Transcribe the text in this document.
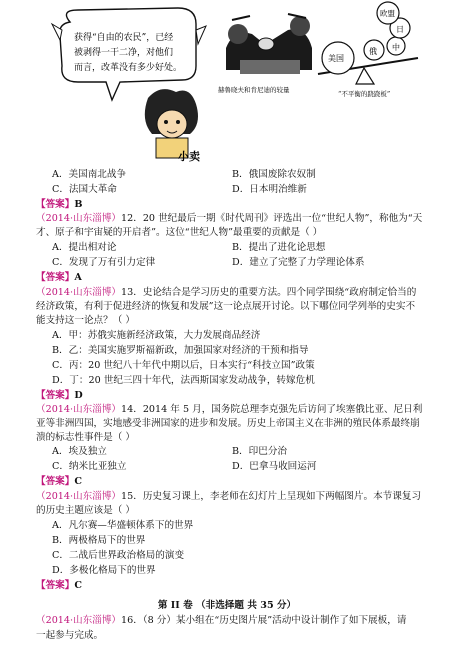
获得“自由的农民”，已经
被剥得一干二净，对他们
而言，改革没有多少好处。
小卖
赫鲁晓夫和肯尼迪的较量
美国
俄 中
日
欧盟
“不平衡的跷跷板”
A．美国南北战争	B．俄国废除农奴制
C．法国大革命	D．日本明治维新
【答案】B
（2014·山东淄博）12．20 世纪最后一期《时代周刊》评选出一位“世纪人物”，称他为“天
才、原子和宇宙疑的开启者”。这位“世纪人物”最重要的贡献是（ ）
A．提出相对论	B．提出了进化论思想
C．发现了万有引力定律	D．建立了完整了力学理论体系
【答案】A
（2014·山东淄博）13．史论结合是学习历史的重要方法。四个同学围绕“政府制定恰当的
经济政策，有利于促进经济的恢复和发展”这一论点展开讨论。以下哪位同学列举的史实不
能支持这一论点？（ ）
A．甲：苏俄实施新经济政策，大力发展商品经济
B．乙：美国实施罗斯福新政，加强国家对经济的干预和指导
C．丙：20 世纪八十年代中期以后，日本实行“科技立国”政策
D．丁：20 世纪三四十年代，法西斯国家发动战争，转嫁危机
【答案】D
（2014·山东淄博）14．2014 年 5 月，国务院总理李克强先后访问了埃塞俄比亚、尼日利
亚等非洲四国，实地感受非洲国家的进步和发展。历史上帝国主义在非洲的殖民体系最终崩
溃的标志性事件是（ ）
A．埃及独立	B．印巴分治
C．纳米比亚独立	D．巴拿马收回运河
【答案】C
（2014·山东淄博）15．历史复习课上，李老师在幻灯片上呈现如下两幅图片。本节课复习
的历史主题应该是（ ）
A．凡尔赛—华盛顿体系下的世界
B．两极格局下的世界
C．二战后世界政治格局的演变
D．多极化格局下的世界
【答案】C
第 II 卷 （非选择题 共 35 分）
（2014·山东淄博）16．（8 分）某小组在“历史图片展”活动中设计制作了如下展板，请
一起参与完成。
